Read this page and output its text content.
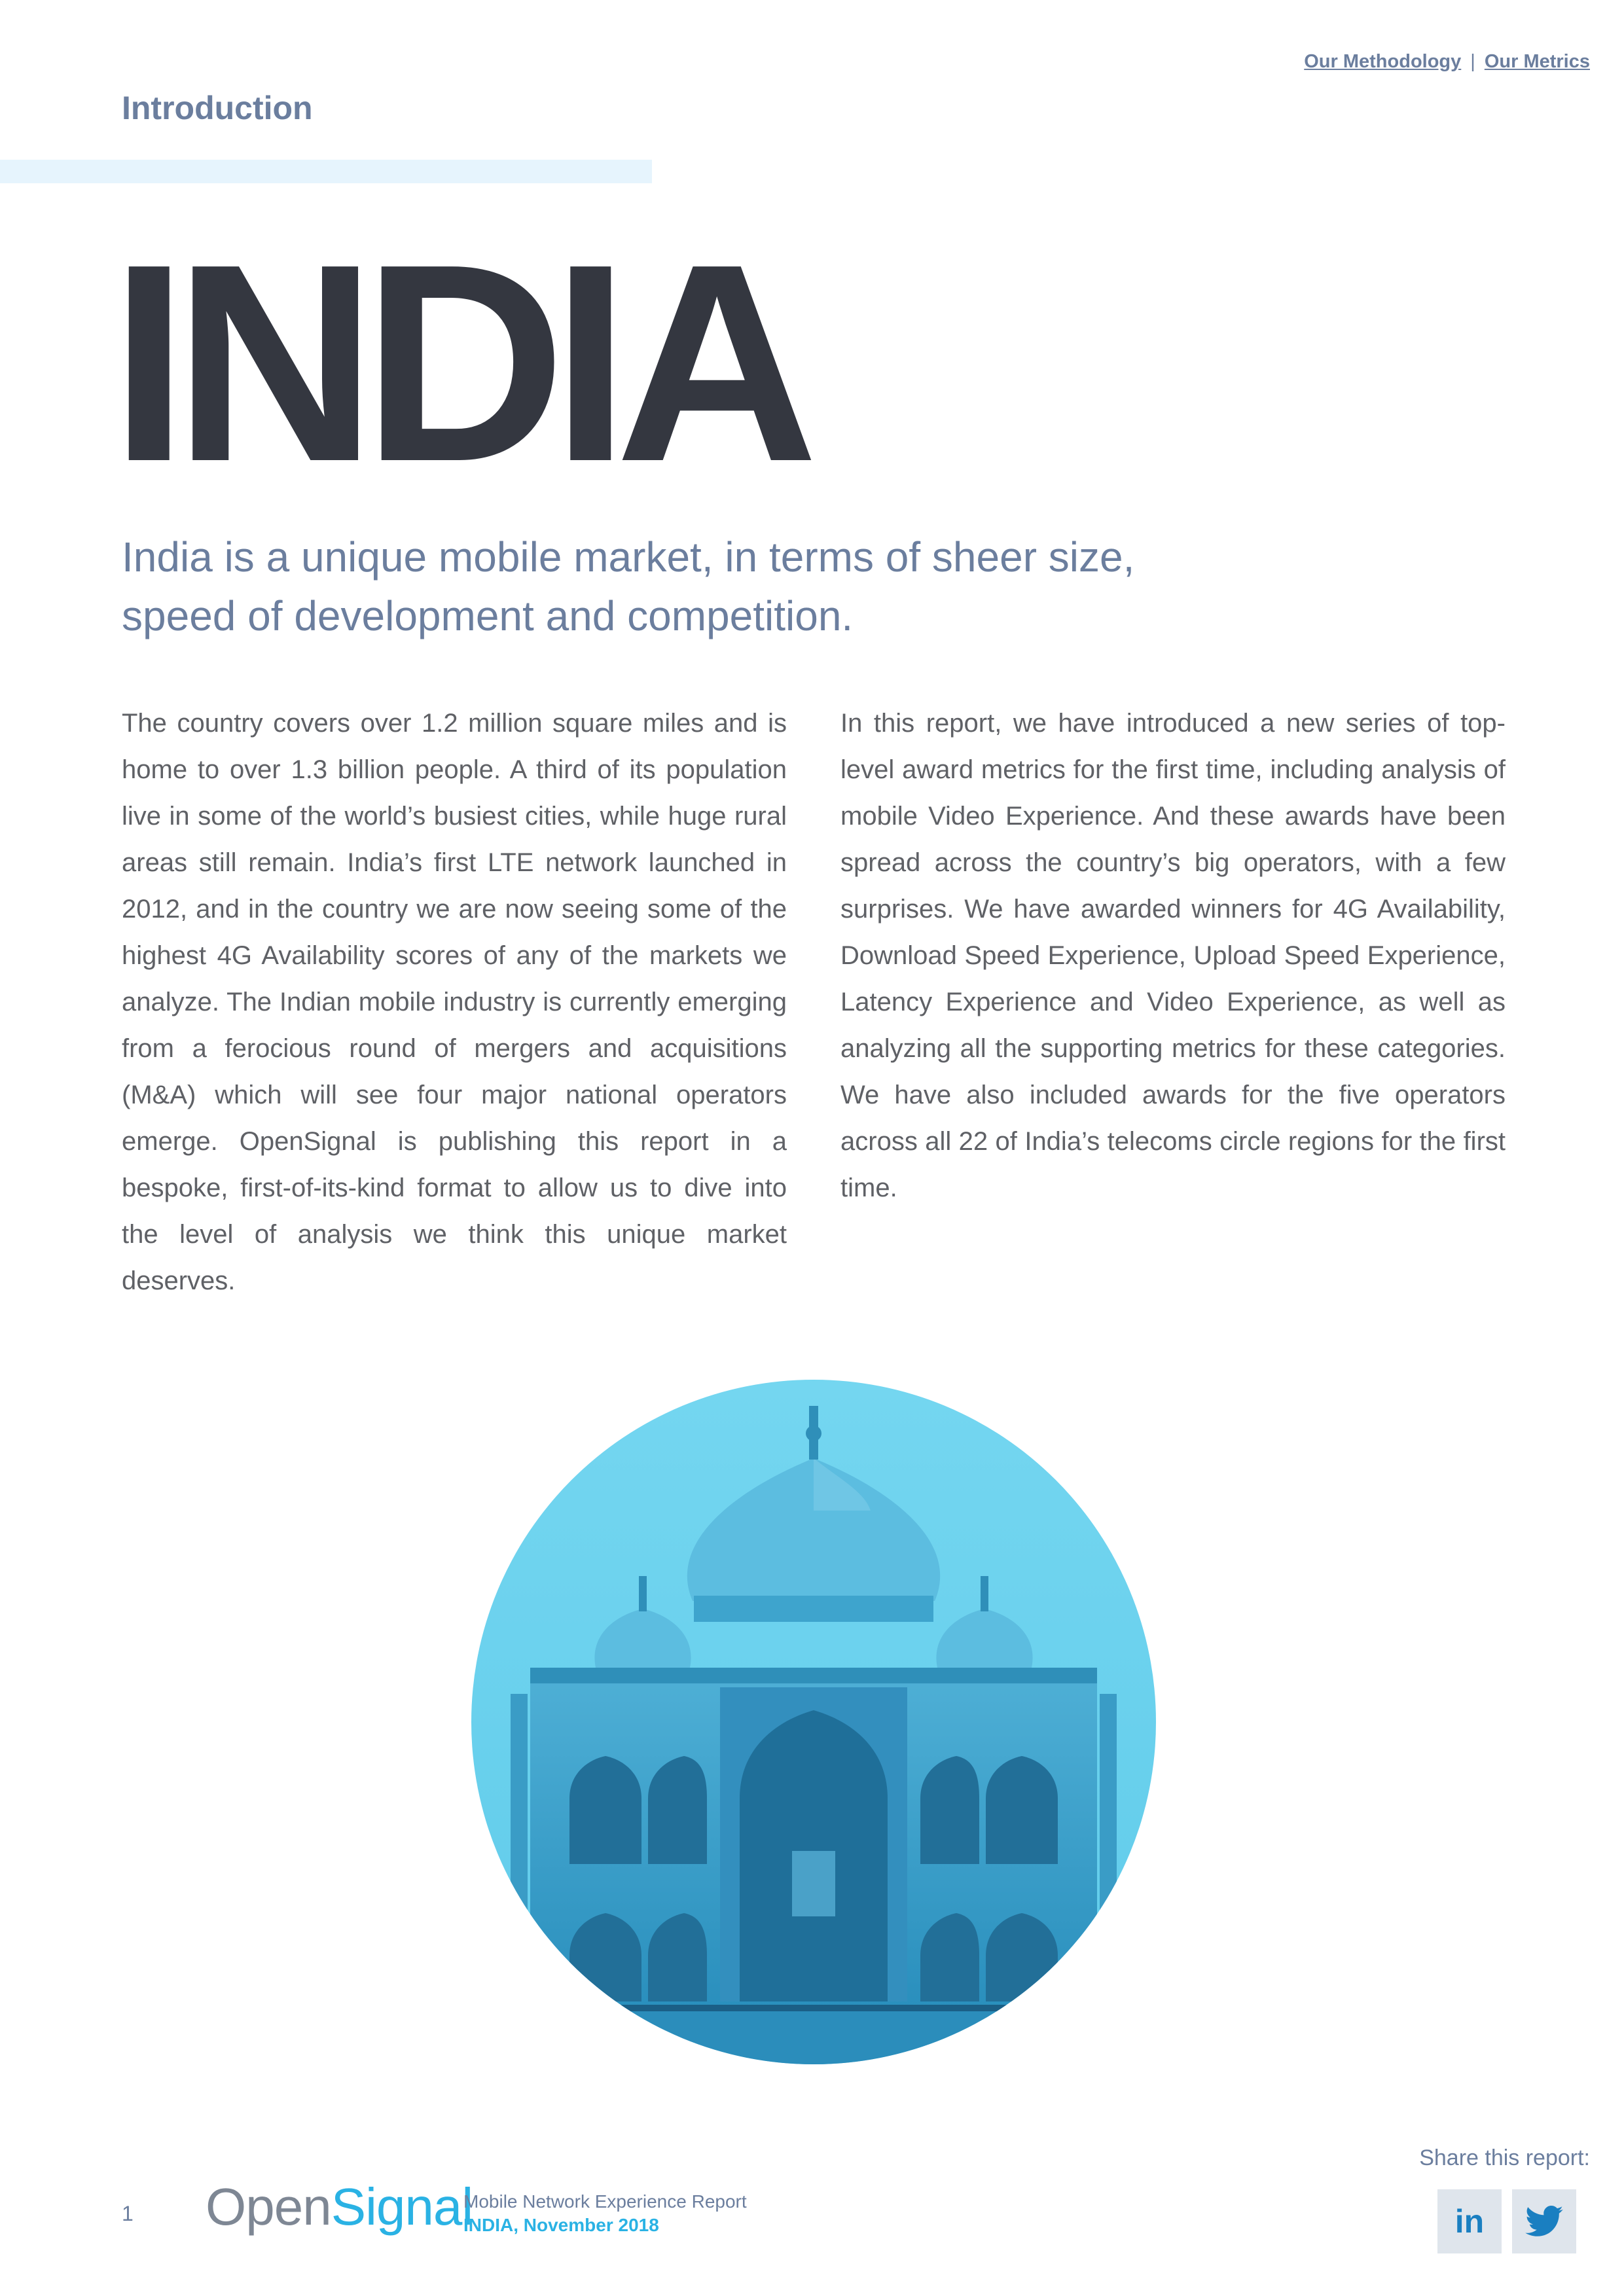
Our Methodology | Our Metrics
Introduction
INDIA
India is a unique mobile market, in terms of sheer size,
speed of development and competition.
The country covers over 1.2 million square miles and is home to over 1.3 billion people. A third of its population live in some of the world’s busiest cities, while huge rural areas still remain. India’s first LTE network launched in 2012, and in the country we are now seeing some of the highest 4G Availability scores of any of the markets we analyze. The Indian mobile industry is currently emerging from a ferocious round of mergers and acquisitions (M&A) which will see four major national operators emerge. OpenSignal is publishing this report in a bespoke, first-of-its-kind format to allow us to dive into the level of analysis we think this unique market deserves.
In this report, we have introduced a new series of top-level award metrics for the first time, including analysis of mobile Video Experience. And these awards have been spread across the country’s big operators, with a few surprises. We have awarded winners for 4G Availability, Download Speed Experience, Upload Speed Experience, Latency Experience and Video Experience, as well as analyzing all the supporting metrics for these categories. We have also included awards for the five operators across all 22 of India’s telecoms circle regions for the first time.
Share this report:
in
1 OpenSignal
Mobile Network Experience Report
INDIA, November 2018
